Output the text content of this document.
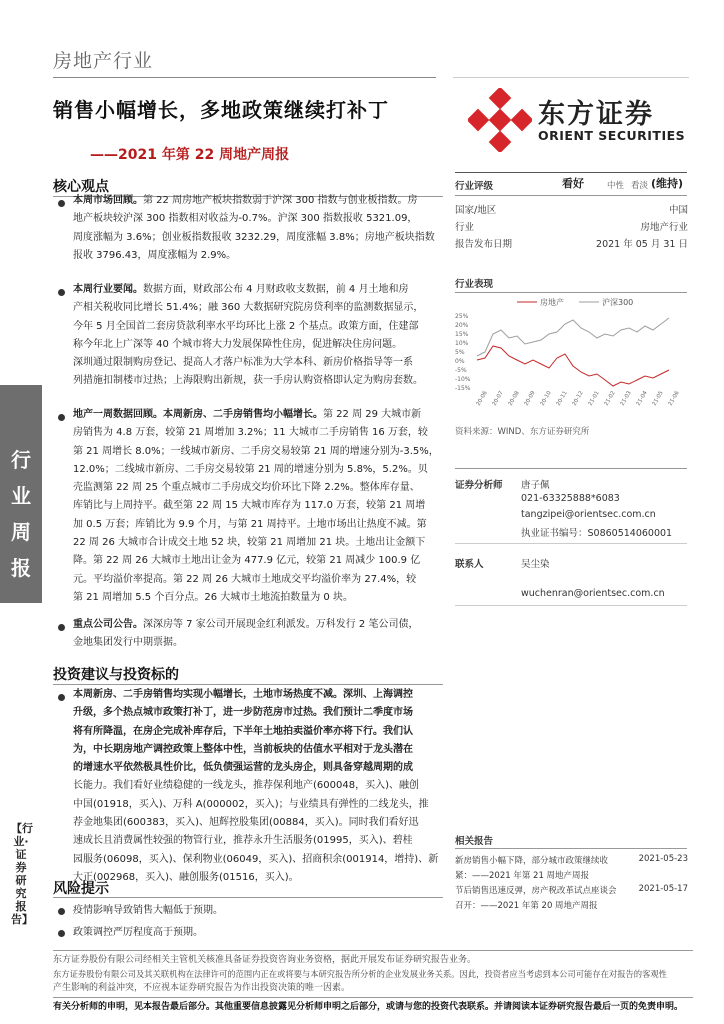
房地产行业
销售小幅增长，多地政策继续打补丁
——2021 年第 22 周地产周报
东方证券
ORIENT SECURITIES
行
业
周
报
【行业·证券研究报告】
核心观点
本周市场回顾。第 22 周房地产板块指数弱于沪深 300 指数与创业板指数。房
地产板块较沪深 300 指数相对收益为-0.7%。沪深 300 指数报收 5321.09，
周度涨幅为 3.6%；创业板指数报收 3232.29，周度涨幅 3.8%；房地产板块指数
报收 3796.43，周度涨幅为 2.9%。
本周行业要闻。数据方面，财政部公布 4 月财政收支数据，前 4 月土地和房
产相关税收同比增长 51.4%；融 360 大数据研究院房贷利率的监测数据显示，
今年 5 月全国首二套房贷款利率水平均环比上涨 2 个基点。政策方面，住建部
称今年北上广深等 40 个城市将大力发展保障性住房，促进解决住房问题。
深圳通过限制购房登记、提高人才落户标准为大学本科、新房价格指导等一系
列措施扣制楼市过热；上海限购出新规，获一手房认购资格即认定为购房套数。
地产一周数据回顾。本周新房、二手房销售均小幅增长。第 22 周 29 大城市新
房销售为 4.8 万套，较第 21 周增加 3.2%；11 大城市二手房销售 16 万套，较
第 21 周增长 8.0%；一线城市新房、二手房交易较第 21 周的增速分别为-3.5%，
12.0%；二线城市新房、二手房交易较第 21 周的增速分别为 5.8%，5.2%。贝
壳监测第 22 周 25 个重点城市二手房成交均价环比下降 2.2%。整体库存量、
库销比与上周持平。截至第 22 周 15 大城市库存为 117.0 万套，较第 21 周增
加 0.5 万套；库销比为 9.9 个月，与第 21 周持平。土地市场出让热度不减。第
22 周 26 大城市合计成交土地 52 块，较第 21 周增加 21 块。土地出让金额下
降。第 22 周 26 大城市土地出让金为 477.9 亿元，较第 21 周减少 100.9 亿
元。平均溢价率提高。第 22 周 26 大城市土地成交平均溢价率为 27.4%，较
第 21 周增加 5.5 个百分点。26 大城市土地流拍数量为 0 块。
重点公司公告。深深房等 7 家公司开展现金红利派发。万科发行 2 笔公司债，
金地集团发行中期票据。
投资建议与投资标的
本周新房、二手房销售均实现小幅增长，土地市场热度不减。深圳、上海调控
升级，多个热点城市政策打补丁，进一步防范房市过热。我们预计二季度市场
将有所降温，在房企完成补库存后，下半年土地拍卖溢价率亦将下行。我们认
为，中长期房地产调控政策上整体中性，当前板块的估值水平相对于龙头潜在
的增速水平依然极具性价比，低负债强运营的龙头房企，则具备穿越周期的成
长能力。我们看好业绩稳健的一线龙头，推荐保利地产(600048，买入)、融创
中国(01918，买入)、万科 A(000002，买入)；与业绩具有弹性的二线龙头，推
荐金地集团(600383，买入)、旭辉控股集团(00884，买入)。同时我们看好迅
速成长且消费属性较强的物管行业，推荐永升生活服务(01995，买入)、碧桂
园服务(06098，买入)、保利物业(06049，买入)、招商积余(001914，增持)、新
大正(002968，买入)、融创服务(01516，买入)。
风险提示
疫情影响导致销售大幅低于预期。
政策调控严厉程度高于预期。
行业评级	看好	中性 看淡 (维持)
国家/地区	中国
行业	房地产行业
报告发布日期	2021 年 05 月 31 日
行业表现
房地产	沪深300
25%
20%
15%
10%
5%
0%
-5%
-10%
-15%
20-06 20-07 20-08 20-09 20-10 20-11 20-12 21-01 21-02 21-03 21-04 21-05 21-06
资料来源：WIND、东方证券研究所
证券分析师 唐子佩
021-63325888*6083
tangzipei@orientsec.com.cn
执业证书编号：S0860514060001
联系人	吴尘染
wuchenran@orientsec.com.cn
相关报告
新房销售小幅下降，部分城市政策继续收	2021-05-23
紧：——2021 年第 21 周地产周报
节后销售迅速反弹，房产税改革试点座谈会	2021-05-17
召开：——2021 年第 20 周地产周报
东方证券股份有限公司经相关主管机关核准具备证券投资咨询业务资格，据此开展发布证券研究报告业务。
东方证券股份有限公司及其关联机构在法律许可的范围内正在或将要与本研究报告所分析的企业发展业务关系。因此，投资者应当考虑到本公司可能存在对报告的客观性
产生影响的利益冲突，不应视本证券研究报告为作出投资决策的唯一因素。
有关分析师的申明，见本报告最后部分。其他重要信息披露见分析师申明之后部分，或请与您的投资代表联系。并请阅读本证券研究报告最后一页的免责申明。
